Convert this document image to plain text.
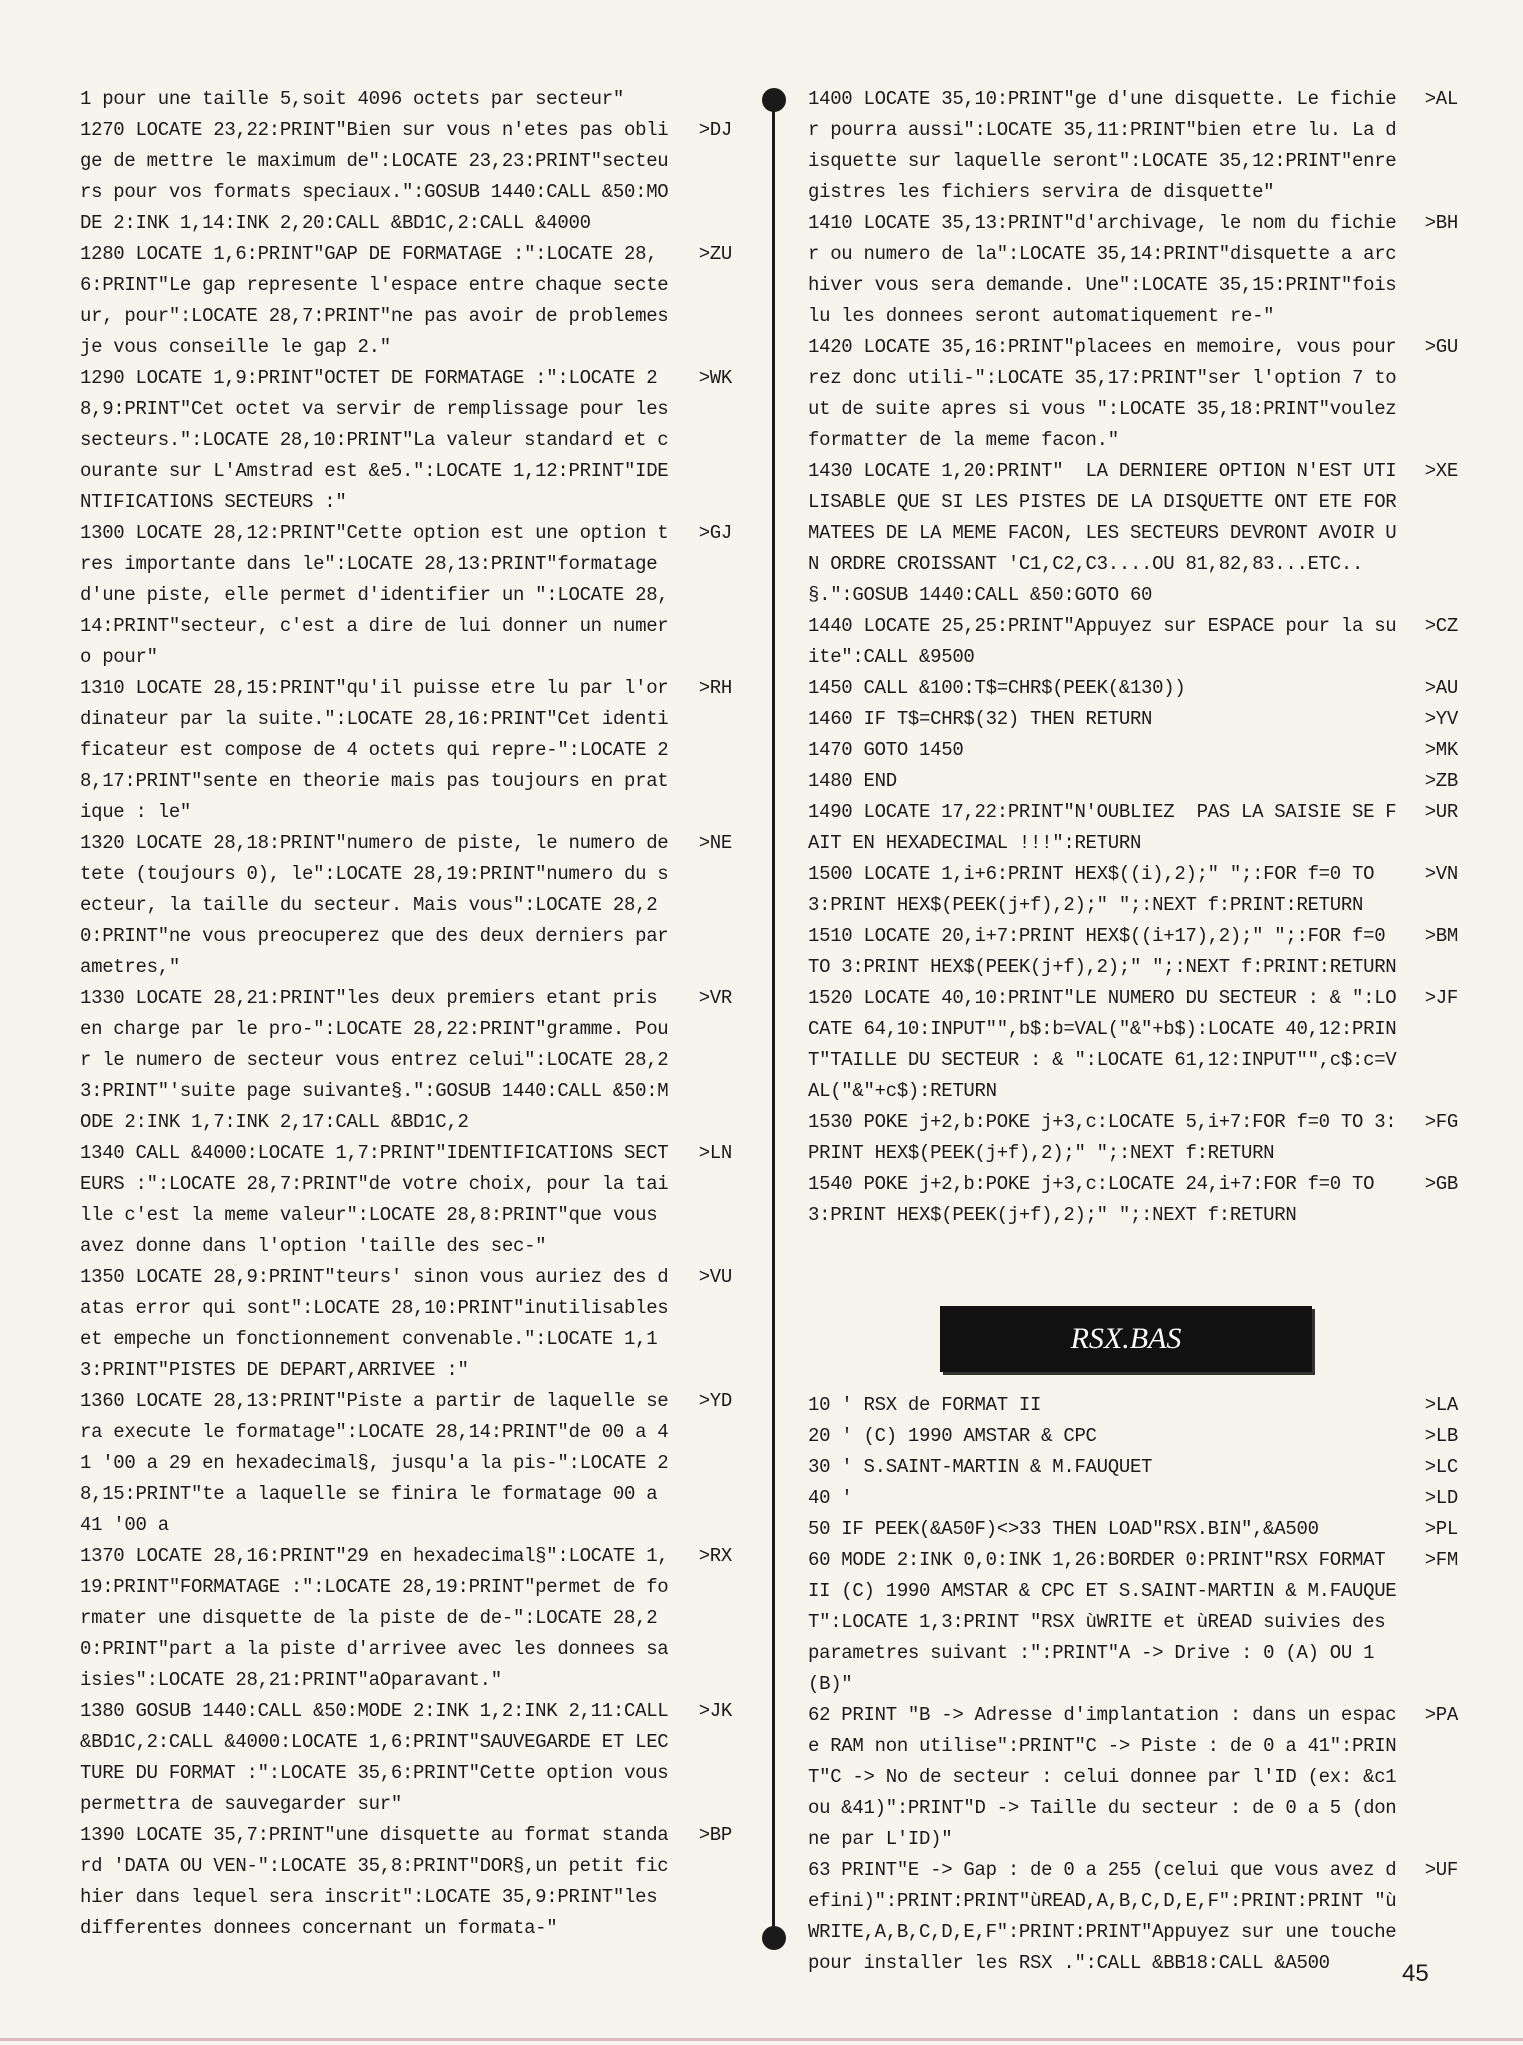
1 pour une taille 5,soit 4096 octets par secteur"
1270 LOCATE 23,22:PRINT"Bien sur vous n'etes pas oblige de mettre le maximum de":LOCATE 23,23:PRINT"secteurs pour vos formats speciaux.":GOSUB 1440:CALL &50:MODE 2:INK 1,14:INK 2,20:CALL &BD1C,2:CALL &4000
>DJ
1280 LOCATE 1,6:PRINT"GAP DE FORMATAGE :":LOCATE 28,6:PRINT"Le gap represente l'espace entre chaque secteur, pour":LOCATE 28,7:PRINT"ne pas avoir de problemes je vous conseille le gap 2."
>ZU
1290 LOCATE 1,9:PRINT"OCTET DE FORMATAGE :":LOCATE 28,9:PRINT"Cet octet va servir de remplissage pour les secteurs.":LOCATE 28,10:PRINT"La valeur standard et courante sur L'Amstrad est &e5.":LOCATE 1,12:PRINT"IDENTIFICATIONS SECTEURS :"
>WK
1300 LOCATE 28,12:PRINT"Cette option est une option tres importante dans le":LOCATE 28,13:PRINT"formatage d'une piste, elle permet d'identifier un ":LOCATE 28,14:PRINT"secteur, c'est a dire de lui donner un numero pour"
>GJ
1310 LOCATE 28,15:PRINT"qu'il puisse etre lu par l'ordinateur par la suite.":LOCATE 28,16:PRINT"Cet identificateur est compose de 4 octets qui repre-":LOCATE 28,17:PRINT"sente en theorie mais pas toujours en pratique : le"
>RH
1320 LOCATE 28,18:PRINT"numero de piste, le numero de tete (toujours 0), le":LOCATE 28,19:PRINT"numero du secteur, la taille du secteur. Mais vous":LOCATE 28,20:PRINT"ne vous preocuperez que des deux derniers parametres,"
>NE
1330 LOCATE 28,21:PRINT"les deux premiers etant pris en charge par le pro-":LOCATE 28,22:PRINT"gramme. Pour le numero de secteur vous entrez celui":LOCATE 28,23:PRINT"'suite page suivante§.":GOSUB 1440:CALL &50:MODE 2:INK 1,7:INK 2,17:CALL &BD1C,2
>VR
1340 CALL &4000:LOCATE 1,7:PRINT"IDENTIFICATIONS SECTEURS :":LOCATE 28,7:PRINT"de votre choix, pour la taille c'est la meme valeur":LOCATE 28,8:PRINT"que vous avez donne dans l'option 'taille des sec-"
>LN
1350 LOCATE 28,9:PRINT"teurs' sinon vous auriez des datas error qui sont":LOCATE 28,10:PRINT"inutilisables et empeche un fonctionnement convenable.":LOCATE 1,13:PRINT"PISTES DE DEPART,ARRIVEE :"
>VU
1360 LOCATE 28,13:PRINT"Piste a partir de laquelle sera execute le formatage":LOCATE 28,14:PRINT"de 00 a 41 '00 a 29 en hexadecimal§, jusqu'a la pis-":LOCATE 28,15:PRINT"te a laquelle se finira le formatage 00 a 41 '00 a
>YD
1370 LOCATE 28,16:PRINT"29 en hexadecimal§":LOCATE 1,19:PRINT"FORMATAGE :":LOCATE 28,19:PRINT"permet de formater une disquette de la piste de de-":LOCATE 28,20:PRINT"part a la piste d'arrivee avec les donnees saisies":LOCATE 28,21:PRINT"aOparavant."
>RX
1380 GOSUB 1440:CALL &50:MODE 2:INK 1,2:INK 2,11:CALL &BD1C,2:CALL &4000:LOCATE 1,6:PRINT"SAUVEGARDE ET LECTURE DU FORMAT :":LOCATE 35,6:PRINT"Cette option vous permettra de sauvegarder sur"
>JK
1390 LOCATE 35,7:PRINT"une disquette au format standard 'DATA OU VEN-":LOCATE 35,8:PRINT"DOR§,un petit fichier dans lequel sera inscrit":LOCATE 35,9:PRINT"les differentes donnees concernant un formata-"
>BP
1400 LOCATE 35,10:PRINT"ge d'une disquette. Le fichier pourra aussi":LOCATE 35,11:PRINT"bien etre lu. La disquette sur laquelle seront":LOCATE 35,12:PRINT"enregistres les fichiers servira de disquette"
>AL
1410 LOCATE 35,13:PRINT"d'archivage, le nom du fichier ou numero de la":LOCATE 35,14:PRINT"disquette a archiver vous sera demande. Une":LOCATE 35,15:PRINT"fois lu les donnees seront automatiquement re-"
>BH
1420 LOCATE 35,16:PRINT"placees en memoire, vous pourrez donc utili-":LOCATE 35,17:PRINT"ser l'option 7 tout de suite apres si vous ":LOCATE 35,18:PRINT"voulez formatter de la meme facon."
>GU
1430 LOCATE 1,20:PRINT"  LA DERNIERE OPTION N'EST UTILISABLE QUE SI LES PISTES DE LA DISQUETTE ONT ETE FORMATEES DE LA MEME FACON, LES SECTEURS DEVRONT AVOIR UN ORDRE CROISSANT 'C1,C2,C3....OU 81,82,83...ETC..§.":GOSUB 1440:CALL &50:GOTO 60
>XE
1440 LOCATE 25,25:PRINT"Appuyez sur ESPACE pour la suite":CALL &9500
>CZ
1450 CALL &100:T$=CHR$(PEEK(&130))	>AU
1460 IF T$=CHR$(32) THEN RETURN	>YV
1470 GOTO 1450	>MK
1480 END	>ZB
1490 LOCATE 17,22:PRINT"N'OUBLIEZ  PAS LA SAISIE SE FAIT EN HEXADECIMAL !!!":RETURN
>UR
1500 LOCATE 1,i+6:PRINT HEX$((i),2);" ";:FOR f=0 TO 3:PRINT HEX$(PEEK(j+f),2);" ";:NEXT f:PRINT:RETURN
>VN
1510 LOCATE 20,i+7:PRINT HEX$((i+17),2);" ";:FOR f=0 TO 3:PRINT HEX$(PEEK(j+f),2);" ";:NEXT f:PRINT:RETURN
>BM
1520 LOCATE 40,10:PRINT"LE NUMERO DU SECTEUR : & ":LOCATE 64,10:INPUT"",b$:b=VAL("&"+b$):LOCATE 40,12:PRINT"TAILLE DU SECTEUR : & ":LOCATE 61,12:INPUT"",c$:c=VAL("&"+c$):RETURN
>JF
1530 POKE j+2,b:POKE j+3,c:LOCATE 5,i+7:FOR f=0 TO 3:PRINT HEX$(PEEK(j+f),2);" ";:NEXT f:RETURN
>FG
1540 POKE j+2,b:POKE j+3,c:LOCATE 24,i+7:FOR f=0 TO 3:PRINT HEX$(PEEK(j+f),2);" ";:NEXT f:RETURN
>GB
RSX.BAS
10 ' RSX de FORMAT II	>LA
20 ' (C) 1990 AMSTAR & CPC	>LB
30 ' S.SAINT-MARTIN & M.FAUQUET	>LC
40 '	>LD
50 IF PEEK(&A50F)<>33 THEN LOAD"RSX.BIN",&A500	>PL
60 MODE 2:INK 0,0:INK 1,26:BORDER 0:PRINT"RSX FORMAT II (C) 1990 AMSTAR & CPC ET S.SAINT-MARTIN & M.FAUQUET":LOCATE 1,3:PRINT "RSX ùWRITE et ùREAD suivies des parametres suivant :":PRINT"A -> Drive : 0 (A) OU 1 (B)"
>FM
62 PRINT "B -> Adresse d'implantation : dans un espace RAM non utilise":PRINT"C -> Piste : de 0 a 41":PRINT"C -> No de secteur : celui donnee par l'ID (ex: &c1 ou &41)":PRINT"D -> Taille du secteur : de 0 a 5 (donne par L'ID)"
>PA
63 PRINT"E -> Gap : de 0 a 255 (celui que vous avez defini)":PRINT:PRINT"ùREAD,A,B,C,D,E,F":PRINT:PRINT "ùWRITE,A,B,C,D,E,F":PRINT:PRINT"Appuyez sur une touche pour installer les RSX .":CALL &BB18:CALL &A500
>UF
45
